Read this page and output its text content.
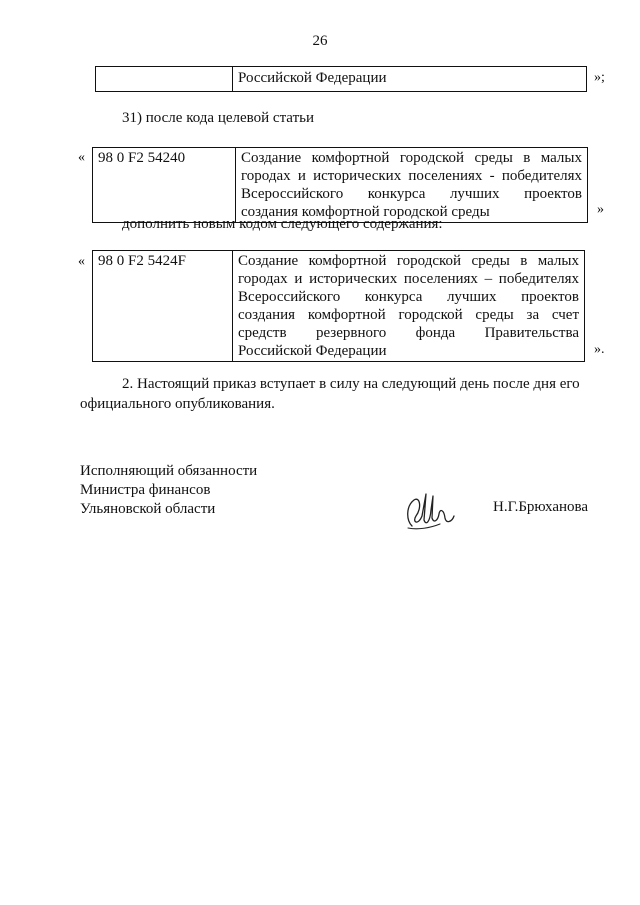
26
	Российской Федерации	»;
31) после кода целевой статьи
« 98 0 F2 54240	Создание комфортной городской среды в малых
городах и исторических поселениях - победителях
Всероссийского конкурса лучших проектов
создания комфортной городской среды	»
дополнить новым кодом следующего содержания:
« 98 0 F2 5424F	Создание комфортной городской среды в малых
городах и исторических поселениях – победителях
Всероссийского конкурса лучших проектов
создания комфортной городской среды за счет
средств резервного фонда Правительства
Российской Федерации	».
2. Настоящий приказ вступает в силу на следующий день после дня его
официального опубликования.
Исполняющий обязанности
Министра финансов
Ульяновской области	Н.Г.Брюханова
